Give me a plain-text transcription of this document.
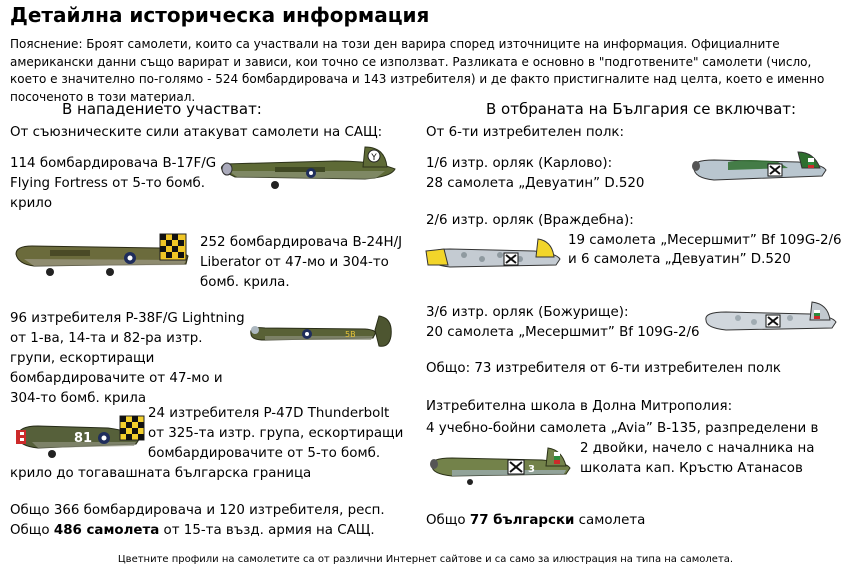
Детайлна историческа информация
Пояснение: Броят самолети, които са участвали на този ден варира според източниците на информация. Официалните американски данни също варират и зависи, кои точно се използват. Разликата е основно в "подготвените" самолети (число, което е значително по-голямо - 524 бомбардировача и 143 изтребителя) и де факто пристигналите над целта, което е именно посоченото в този материал.
В нападението участват:
От съюзническите сили атакуват самолети на САЩ:
114 бомбардировача B-17F/G Flying Fortress от 5-то бомб. крило
Y
252 бомбардировача B-24H/J Liberator от 47-мо и 304-то бомб. крила.
96 изтребителя P-38F/G Lightning от 1-ва, 14-та и 82-ра изтр. групи, ескортиращи бомбардировачите от 47-мо и 304-то бомб. крила
5B
24 изтребителя P-47D Thunderbolt от 325-та изтр. група, ескортиращи бомбардировачите от 5-то бомб.
крило до тогавашната българска граница
81
Общо 366 бомбардировача и 120 изтребителя, респ.
Общо 486 самолета от 15-та възд. армия на САЩ.
В отбраната на България се включват:
От 6-ти изтребителен полк:
1/6 изтр. орляк (Карлово):
28 самолета „Девуатин” D.520
2/6 изтр. орляк (Враждебна):
19 самолета „Месершмит” Bf 109G-2/6
и 6 самолета „Девуатин” D.520
3/6 изтр. орляк (Божурище):
20 самолета „Месершмит” Bf 109G-2/6
Общо: 73 изтребителя от 6-ти изтребителен полк
Изтребителна школа в Долна Митрополия:
4 учебно-бойни самолета „Avia” B-135, разпределени в
2 двойки, начело с началника на
школата кап. Кръстю Атанасов
3
Общо 77 български самолета
Цветните профили на самолетите са от различни Интернет сайтове и са само за илюстрация на типа на самолета.
